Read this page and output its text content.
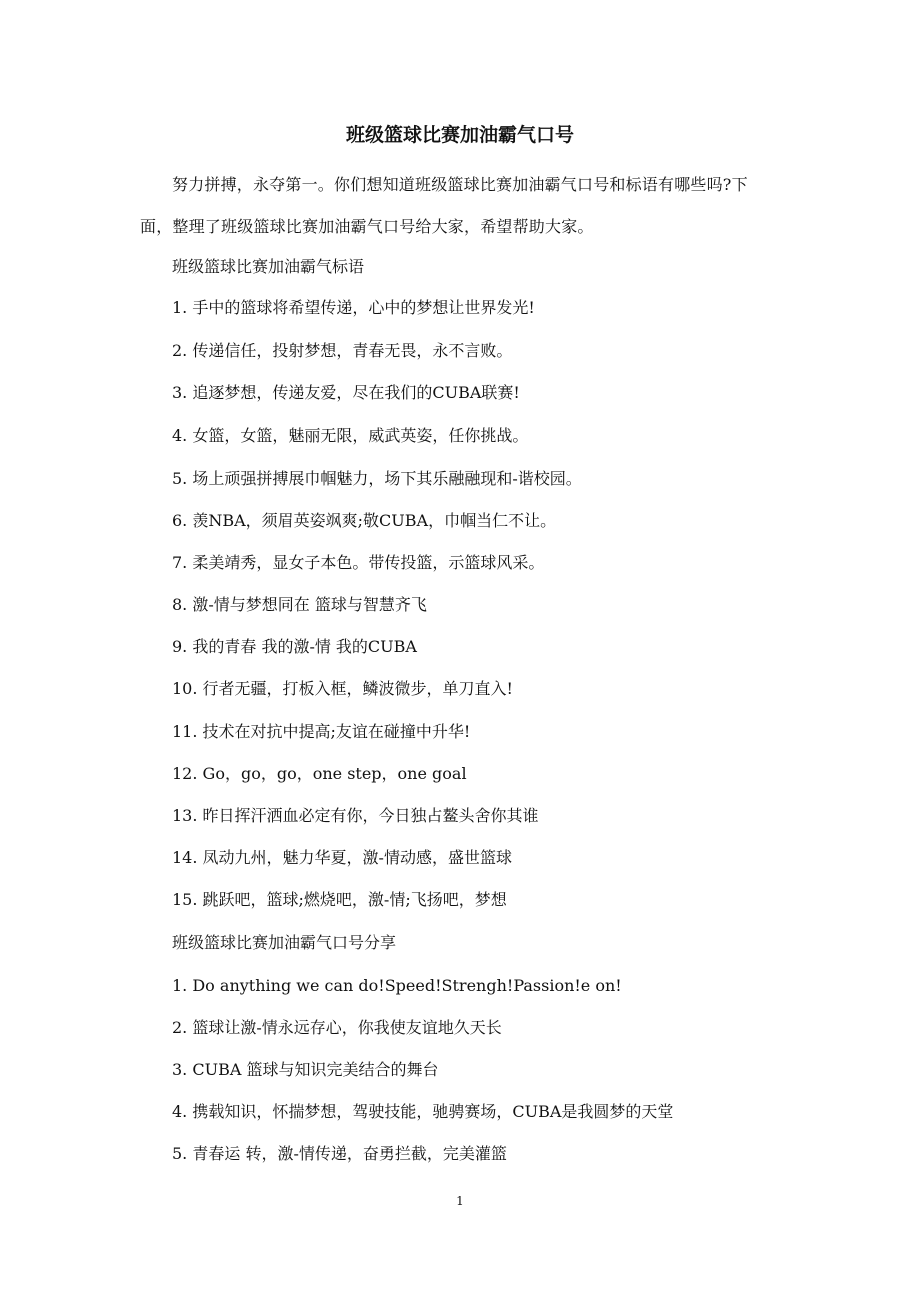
班级篮球比赛加油霸气口号
努力拼搏，永夺第一。你们想知道班级篮球比赛加油霸气口号和标语有哪些吗?下面，整理了班级篮球比赛加油霸气口号给大家，希望帮助大家。
班级篮球比赛加油霸气标语
1. 手中的篮球将希望传递，心中的梦想让世界发光!
2. 传递信任，投射梦想，青春无畏，永不言败。
3. 追逐梦想，传递友爱，尽在我们的CUBA联赛!
4. 女篮，女篮，魅丽无限，威武英姿，任你挑战。
5. 场上顽强拼搏展巾帼魅力，场下其乐融融现和-谐校园。
6. 羡NBA，须眉英姿飒爽;敬CUBA，巾帼当仁不让。
7. 柔美靖秀，显女子本色。带传投篮，示篮球风采。
8. 激-情与梦想同在 篮球与智慧齐飞
9. 我的青春 我的激-情 我的CUBA
10. 行者无疆，打板入框，鳞波微步，单刀直入!
11. 技术在对抗中提高;友谊在碰撞中升华!
12. Go，go，go，one step，one goal
13. 昨日挥汗洒血必定有你，今日独占鳌头舍你其谁
14. 凤动九州，魅力华夏，激-情动感，盛世篮球
15. 跳跃吧，篮球;燃烧吧，激-情;飞扬吧，梦想
班级篮球比赛加油霸气口号分享
1. Do anything we can do!Speed!Strengh!Passion!e on!
2. 篮球让激-情永远存心，你我使友谊地久天长
3. CUBA 篮球与知识完美结合的舞台
4. 携载知识，怀揣梦想，驾驶技能，驰骋赛场，CUBA是我圆梦的天堂
5. 青春运 转，激-情传递，奋勇拦截，完美灌篮
1
